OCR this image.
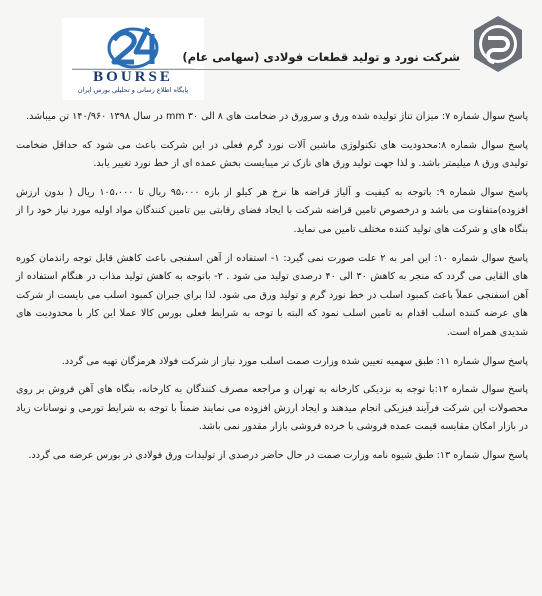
BOURSE
پایگاه اطلاع رسانی و تحلیلی بورس ایران
شرکت نورد و تولید قطعات فولادی (سهامی عام)

پاسخ سوال شماره ۷: میزان تناژ تولیده شده ورق و سرورق در ضخامت های ۸ الی ۳۰ mm در سال ۱۳۹۸ ۱۴۰/۹۶۰ تن میباشد.

پاسخ سوال شماره ۸:محدودیت های تکنولوژی ماشین آلات نورد گرم فعلی در این شرکت باعث می شود که حداقل ضخامت تولیدی ورق ۸ میلیمتر باشد. و لذا جهت تولید ورق های نازک تر میبایست بخش عمده ای از خط نورد تغییر یابد.

پاسخ سوال شماره ۹: باتوجه به کیفیت و آلیاژ قراضه ها نرخ هر کیلو از بازه ۹۵،۰۰۰ ریال تا ۱۰۵،۰۰۰ ریال ( بدون ارزش افزوده)متفاوت می باشد و درخصوص تامین قراضه شرکت با ایجاد فضای رقابتی بین تامین کنندگان مواد اولیه مورد نیاز خود را از بنگاه های و شرکت های تولید کننده مختلف تامین می نماید.

پاسخ سوال شماره ۱۰: این امر به ۲ علت صورت نمی گیرد: ۱- استفاده از آهن اسفنجی باعث کاهش قابل توجه راندمان کوره های القایی می گردد که منجر به کاهش ۳۰ الی ۴۰ درصدی تولید می شود . ۲- باتوجه به کاهش تولید مذاب در هنگام استفاده از آهن اسفنجی عملاً باعث کمبود اسلب در خط نورد گرم و تولید ورق می شود. لذا برای جبران کمبود اسلب می بایست از شرکت های عرضه کننده اسلب اقدام به تامین اسلب نمود که البته با توجه به شرایط فعلی بورس کالا عملا این کار با محدودیت های شدیدی همراه است.

پاسخ سوال شماره ۱۱: طبق سهمیه تعیین شده وزارت صمت اسلب مورد نیاز از شرکت فولاد هرمزگان تهیه می گردد.

پاسخ سوال شماره ۱۲:با توجه به نزدیکی کارخانه به تهران و مراجعه مصرف کنندگان به کارخانه، بنگاه های آهن فروش بر روی محصولات این شرکت فرآیند فیزیکی انجام میدهند و ایجاد ارزش افزوده می نمایند ضمناً با توجه به شرایط تورمی و نوسانات زیاد در بازار امکان مقایسه قیمت عمده فروشی با خرده فروشی بازار مقدور نمی باشد.

پاسخ سوال شماره ۱۳: طبق شیوه نامه وزارت صمت در حال حاضر درصدی از تولیدات ورق فولادی در بورس عرضه می گردد.
